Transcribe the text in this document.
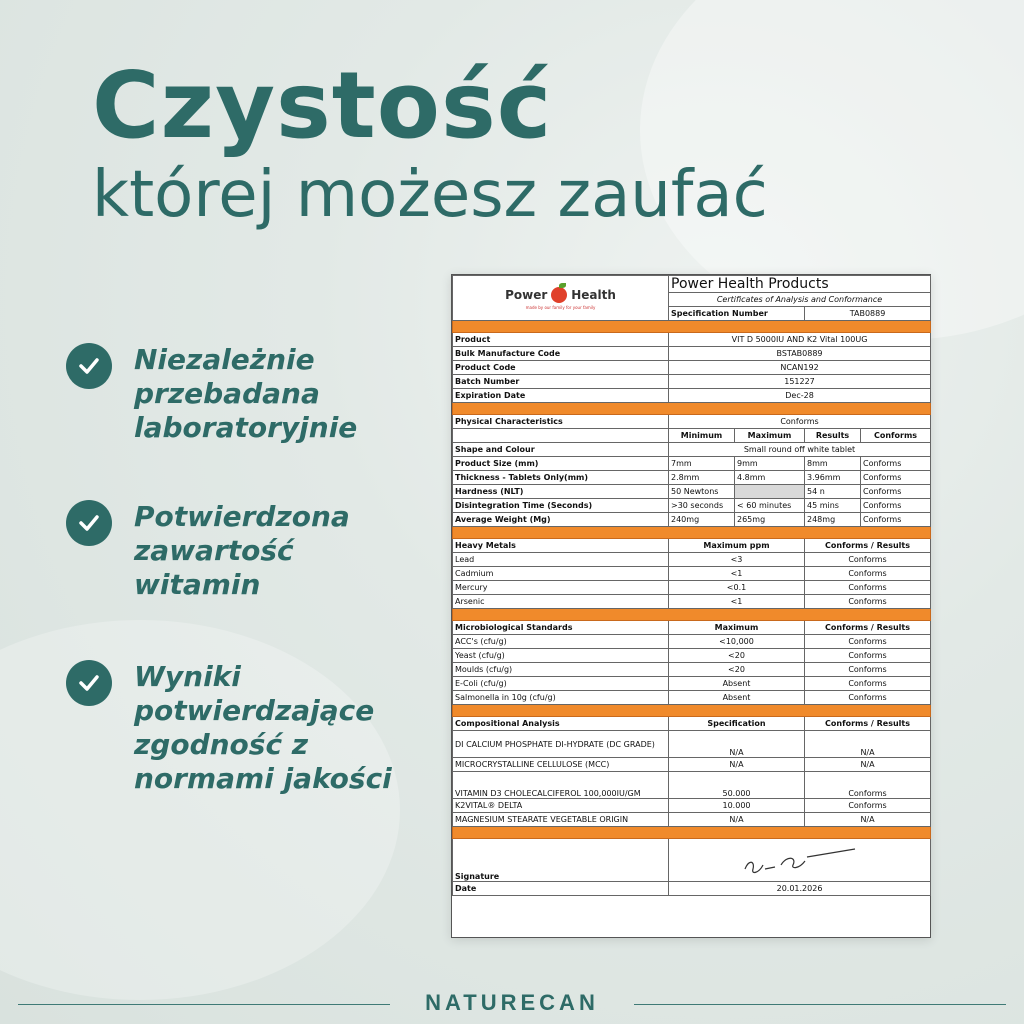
Czystość
której możesz zaufać
Niezależnie przebadana laboratoryjnie
Potwierdzona zawartość witamin
Wyniki potwierdzające zgodność z normami jakości
Power Health
made by our family for your family	Power Health Products			
	Certificates of Analysis and Conformance			
	Specification Number		TAB0889	

Product	VIT D 5000IU AND K2 Vital 100UG			
Bulk Manufacture Code	BSTAB0889			
Product Code	NCAN192			
Batch Number	151227			
Expiration Date	Dec-28			

Physical Characteristics	Conforms			
	Minimum	Maximum	Results	Conforms
Shape and Colour	Small round off white tablet			
Product Size (mm)	7mm	9mm	8mm	Conforms
Thickness - Tablets Only(mm)	2.8mm	4.8mm	3.96mm	Conforms
Hardness (NLT)	50 Newtons		54 n	Conforms
Disintegration Time (Seconds)	>30 seconds	< 60 minutes	45 mins	Conforms
Average Weight (Mg)	240mg	265mg	248mg	Conforms

Heavy Metals	Maximum ppm		Conforms / Results	
Lead	<3		Conforms	
Cadmium	<1		Conforms	
Mercury	<0.1		Conforms	
Arsenic	<1		Conforms	

Microbiological Standards	Maximum		Conforms / Results	
ACC's (cfu/g)	<10,000		Conforms	
Yeast (cfu/g)	<20		Conforms	
Moulds (cfu/g)	<20		Conforms	
E-Coli (cfu/g)	Absent		Conforms	
Salmonella in 10g (cfu/g)	Absent		Conforms	

Compositional Analysis	Specification		Conforms / Results	
DI CALCIUM PHOSPHATE DI-HYDRATE (DC GRADE)	N/A		N/A	
MICROCRYSTALLINE CELLULOSE (MCC)	N/A		N/A	
VITAMIN D3 CHOLECALCIFEROL 100,000IU/GM	50.000		Conforms	
K2VITAL® DELTA	10.000		Conforms	
MAGNESIUM STEARATE VEGETABLE ORIGIN	N/A		N/A	

Signature	
Date	20.01.2026			
NATURECAN
